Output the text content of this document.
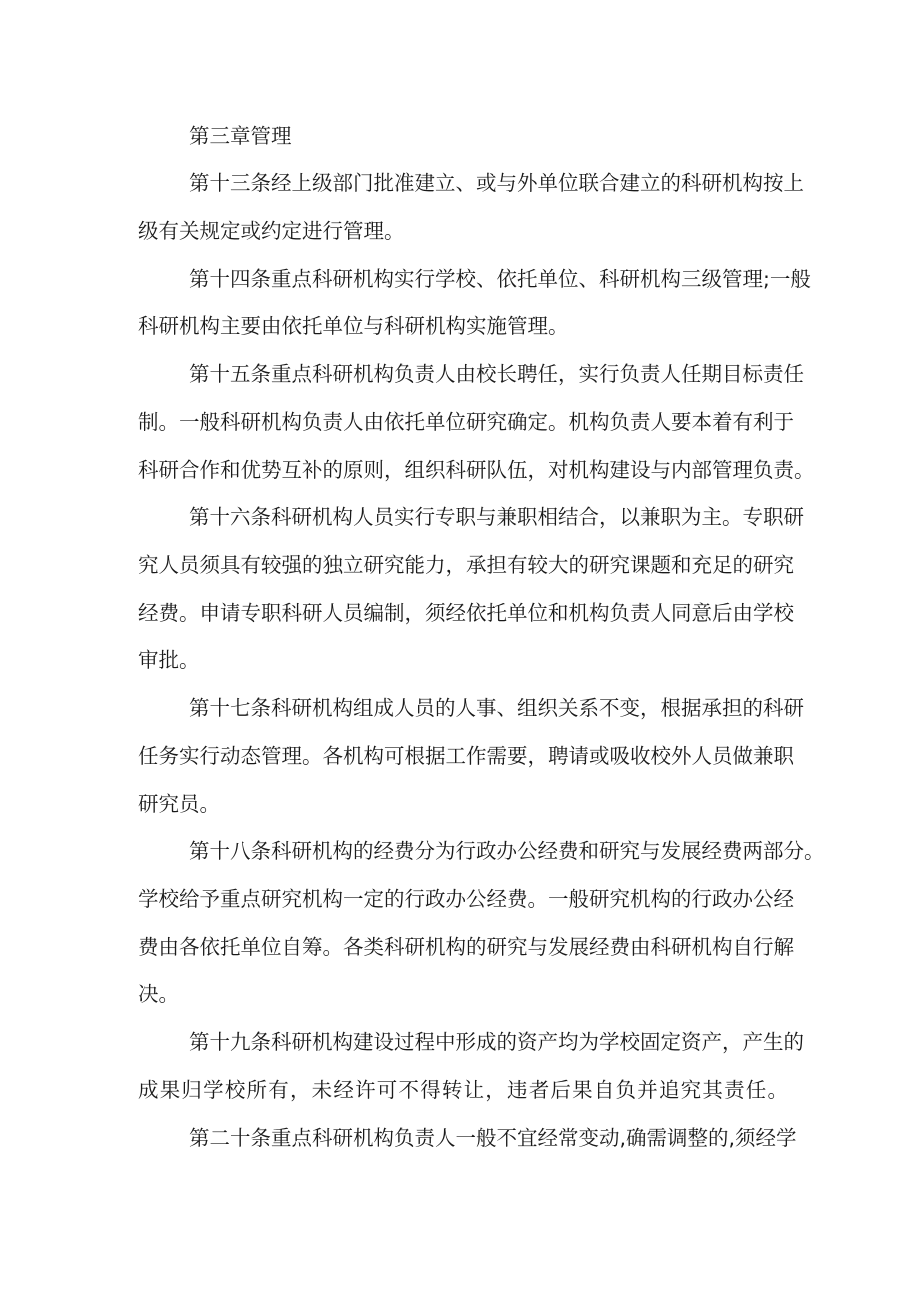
第三章管理
第十三条经上级部门批准建立、或与外单位联合建立的科研机构按上
级有关规定或约定进行管理。
第十四条重点科研机构实行学校、依托单位、科研机构三级管理;一般
科研机构主要由依托单位与科研机构实施管理。
第十五条重点科研机构负责人由校长聘任，实行负责人任期目标责任
制。一般科研机构负责人由依托单位研究确定。机构负责人要本着有利于
科研合作和优势互补的原则，组织科研队伍，对机构建设与内部管理负责。
第十六条科研机构人员实行专职与兼职相结合，以兼职为主。专职研
究人员须具有较强的独立研究能力，承担有较大的研究课题和充足的研究
经费。申请专职科研人员编制，须经依托单位和机构负责人同意后由学校
审批。
第十七条科研机构组成人员的人事、组织关系不变，根据承担的科研
任务实行动态管理。各机构可根据工作需要，聘请或吸收校外人员做兼职
研究员。
第十八条科研机构的经费分为行政办公经费和研究与发展经费两部分。
学校给予重点研究机构一定的行政办公经费。一般研究机构的行政办公经
费由各依托单位自筹。各类科研机构的研究与发展经费由科研机构自行解
决。
第十九条科研机构建设过程中形成的资产均为学校固定资产，产生的
成果归学校所有，未经许可不得转让，违者后果自负并追究其责任。
第二十条重点科研机构负责人一般不宜经常变动,确需调整的,须经学
